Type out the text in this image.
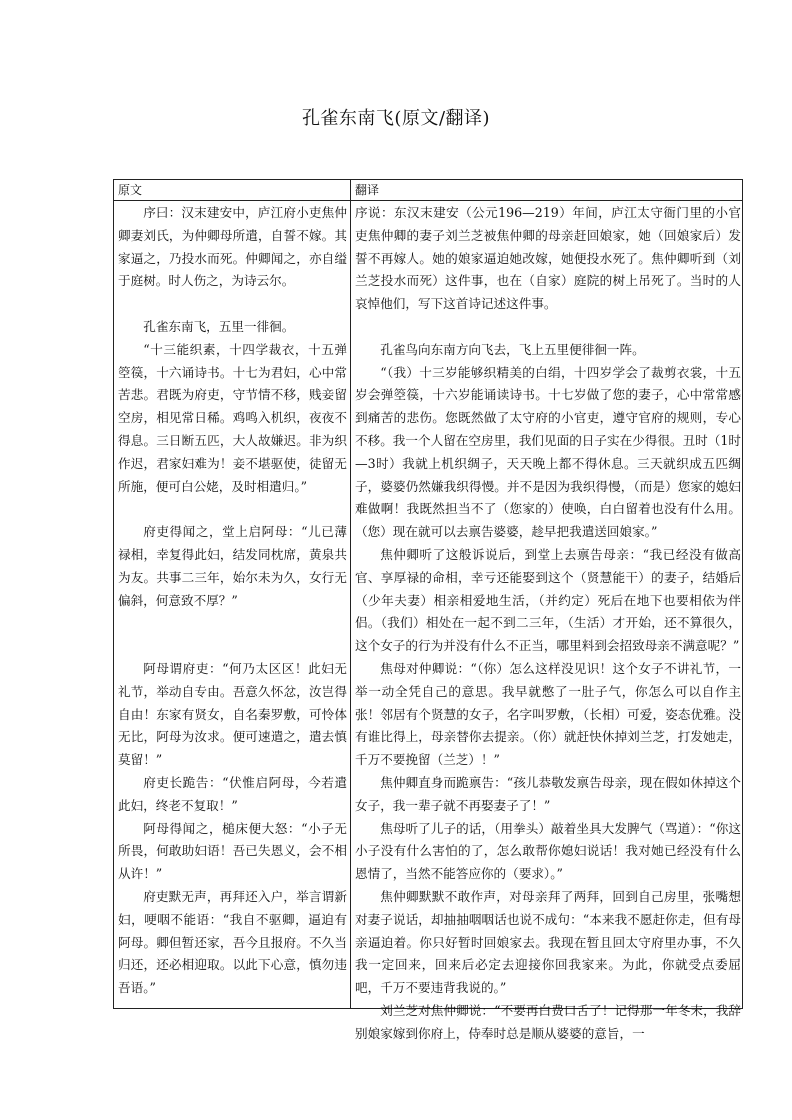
孔雀东南飞(原文/翻译)
原文	翻译

序曰：汉末建安中，庐江府小吏焦仲卿妻刘氏，为仲卿母所遣，自誓不嫁。其家逼之，乃投水而死。仲卿闻之，亦自缢于庭树。时人伤之，为诗云尔。

孔雀东南飞，五里一徘徊。

“十三能织素，十四学裁衣，十五弹箜篌，十六诵诗书。十七为君妇，心中常苦悲。君既为府吏，守节情不移，贱妾留空房，相见常日稀。鸡鸣入机织，夜夜不得息。三日断五匹，大人故嫌迟。非为织作迟，君家妇难为！妾不堪驱使，徒留无所施，便可白公姥，及时相遣归。”

府吏得闻之，堂上启阿母：“儿已薄禄相，幸复得此妇，结发同枕席，黄泉共为友。共事二三年，始尔未为久，女行无偏斜，何意致不厚？”

阿母谓府吏：“何乃太区区！此妇无礼节，举动自专由。吾意久怀忿，汝岂得自由！东家有贤女，自名秦罗敷，可怜体无比，阿母为汝求。便可速遣之，遣去慎莫留！”

府吏长跪告：“伏惟启阿母，今若遣此妇，终老不复取！”

阿母得闻之，槌床便大怒：“小子无所畏，何敢助妇语！吾已失恩义，会不相从许！”

府吏默无声，再拜还入户，举言谓新妇，哽咽不能语：“我自不驱卿，逼迫有阿母。卿但暂还家，吾今且报府。不久当归还，还必相迎取。以此下心意，慎勿违吾语。”

序说：东汉末建安（公元196—219）年间，庐江太守衙门里的小官吏焦仲卿的妻子刘兰芝被焦仲卿的母亲赶回娘家，她（回娘家后）发誓不再嫁人。她的娘家逼迫她改嫁，她便投水死了。焦仲卿听到（刘兰芝投水而死）这件事，也在（自家）庭院的树上吊死了。当时的人哀悼他们，写下这首诗记述这件事。

孔雀鸟向东南方向飞去，飞上五里便徘徊一阵。

“（我）十三岁能够织精美的白绢，十四岁学会了裁剪衣裳，十五岁会弹箜篌，十六岁能诵读诗书。十七岁做了您的妻子，心中常常感到痛苦的悲伤。您既然做了太守府的小官吏，遵守官府的规则，专心不移。我一个人留在空房里，我们见面的日子实在少得很。丑时（1时—3时）我就上机织绸子，天天晚上都不得休息。三天就织成五匹绸子，婆婆仍然嫌我织得慢。并不是因为我织得慢，（而是）您家的媳妇难做啊！我既然担当不了（您家的）使唤，白白留着也没有什么用。（您）现在就可以去禀告婆婆，趁早把我遣送回娘家。”

焦仲卿听了这般诉说后，到堂上去禀告母亲：“我已经没有做高官、享厚禄的命相，幸亏还能娶到这个（贤慧能干）的妻子，结婚后（少年夫妻）相亲相爱地生活，（并约定）死后在地下也要相依为伴侣。（我们）相处在一起不到二三年，（生活）才开始，还不算很久，这个女子的行为并没有什么不正当，哪里料到会招致母亲不满意呢？”

焦母对仲卿说：“（你）怎么这样没见识！这个女子不讲礼节，一举一动全凭自己的意思。我早就憋了一肚子气，你怎么可以自作主张！邻居有个贤慧的女子，名字叫罗敷，（长相）可爱，姿态优雅。没有谁比得上，母亲替你去提亲。（你）就赶快休掉刘兰芝，打发她走，千万不要挽留（兰芝）！”

焦仲卿直身而跪禀告：“孩儿恭敬发禀告母亲，现在假如休掉这个女子，我一辈子就不再娶妻子了！”

焦母听了儿子的话，（用拳头）敲着坐具大发脾气（骂道）：“你这小子没有什么害怕的了，怎么敢帮你媳妇说话！我对她已经没有什么恩情了，当然不能答应你的（要求）。”

焦仲卿默默不敢作声，对母亲拜了两拜，回到自己房里，张嘴想对妻子说话，却抽抽咽咽话也说不成句：“本来我不愿赶你走，但有母亲逼迫着。你只好暂时回娘家去。我现在暂且回太守府里办事，不久我一定回来，回来后必定去迎接你回我家来。为此，你就受点委屈吧，千万不要违背我说的。”

刘兰芝对焦仲卿说：“不要再白费口舌了！记得那一年冬末，我辞别娘家嫁到你府上，侍奉时总是顺从婆婆的意旨，一
